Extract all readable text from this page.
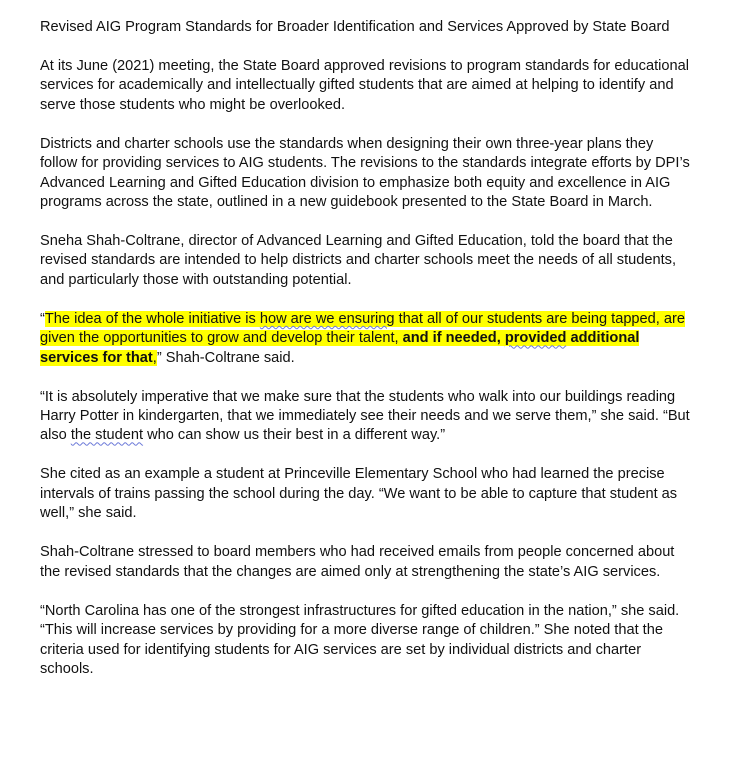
Revised AIG Program Standards for Broader Identification and Services Approved by State Board

At its June (2021) meeting, the State Board approved revisions to program standards for educational services for academically and intellectually gifted students that are aimed at helping to identify and serve those students who might be overlooked.

Districts and charter schools use the standards when designing their own three-year plans they follow for providing services to AIG students. The revisions to the standards integrate efforts by DPI’s Advanced Learning and Gifted Education division to emphasize both equity and excellence in AIG programs across the state, outlined in a new guidebook presented to the State Board in March.

Sneha Shah-Coltrane, director of Advanced Learning and Gifted Education, told the board that the revised standards are intended to help districts and charter schools meet the needs of all students, and particularly those with outstanding potential.

“The idea of the whole initiative is how are we ensuring that all of our students are being tapped, are given the opportunities to grow and develop their talent, and if needed, provided additional services for that,” Shah-Coltrane said.

“It is absolutely imperative that we make sure that the students who walk into our buildings reading Harry Potter in kindergarten, that we immediately see their needs and we serve them,” she said. “But also the student who can show us their best in a different way.”

She cited as an example a student at Princeville Elementary School who had learned the precise intervals of trains passing the school during the day. “We want to be able to capture that student as well,” she said.

Shah-Coltrane stressed to board members who had received emails from people concerned about the revised standards that the changes are aimed only at strengthening the state’s AIG services.

“North Carolina has one of the strongest infrastructures for gifted education in the nation,” she said. “This will increase services by providing for a more diverse range of children.” She noted that the criteria used for identifying students for AIG services are set by individual districts and charter schools.
